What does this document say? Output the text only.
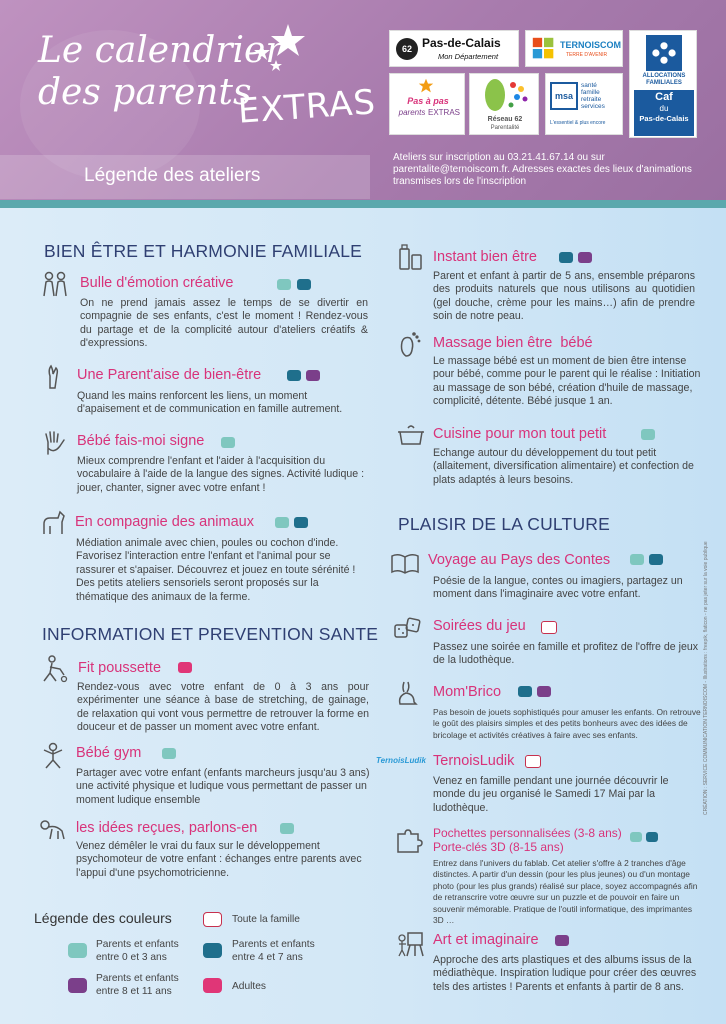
Le calendrier
des parents
EXTRAS
Légende des ateliers
Ateliers sur inscription au 03.21.41.67.14 ou sur parentalite@ternoiscom.fr. Adresses exactes des lieux d'animations transmises lors de l'inscription
62 Pas-de-Calais
Mon Département
TERNOISCOM
TERRE D'AVENIR
ALLOCATIONS FAMILIALES
Caf
du
Pas-de-Calais
Pas à pas
parents EXTRAS
Réseau 62
Parentalité
msa
santé
famille
retraite
services
L'essentiel & plus encore
BIEN ÊTRE ET HARMONIE FAMILIALE
Bulle d'émotion créative
On ne prend jamais assez le temps de se divertir en compagnie de ses enfants, c'est le moment ! Rendez-vous du partage et de la complicité autour d'ateliers créatifs & d'expressions.
Une Parent'aise de bien-être
Quand les mains renforcent les liens, un moment d'apaisement et de communication en famille autrement.
Bébé fais-moi signe
Mieux comprendre l'enfant et l'aider à l'acquisition du vocabulaire à l'aide de la langue des signes. Activité ludique : jouer, chanter, signer avec votre enfant !
En compagnie des animaux
Médiation animale avec chien, poules ou cochon d'inde. Favorisez l'interaction entre l'enfant et l'animal pour se rassurer et s'apaiser. Découvrez et jouez en toute sérénité ! Des petits ateliers sensoriels seront proposés sur la thématique des animaux de la ferme.
INFORMATION ET PREVENTION SANTE
Fit poussette
Rendez-vous avec votre enfant de 0 à 3 ans pour expérimenter une séance à base de stretching, de gainage, de relaxation qui vont vous permettre de retrouver la forme en douceur et de passer un moment avec votre enfant.
Bébé gym
Partager avec votre enfant (enfants marcheurs jusqu'au 3 ans) une activité physique et ludique vous permettant de passer un moment ludique ensemble
les idées reçues, parlons-en
Venez démêler le vrai du faux sur le développement psychomoteur de votre enfant : échanges entre parents avec l'appui d'une psychomotricienne.
Légende des couleurs	Toute la famille
Parents et enfants
entre 0 et 3 ans
Parents et enfants
entre 4 et 7 ans
Parents et enfants
entre 8 et 11 ans	Adultes
Instant bien être
Parent et enfant à partir de 5 ans, ensemble préparons des produits naturels que nous utilisons au quotidien (gel douche, crème pour les mains…) afin de prendre soin de notre peau.
Massage bien être  bébé
Le massage bébé est un moment de bien être intense pour bébé, comme pour le parent qui le réalise : Initiation au massage de son bébé, création d'huile de massage, complicité, détente. Bébé jusque 1 an.
Cuisine pour mon tout petit
Echange autour du développement du tout petit (allaitement, diversification alimentaire) et confection de plats adaptés à leurs besoins.
PLAISIR DE LA CULTURE
Voyage au Pays des Contes
Poésie de la langue, contes ou imagiers, partagez un moment dans l'imaginaire avec votre enfant.
Soirées du jeu
Passez une soirée en famille et profitez de l'offre de jeux de la ludothèque.
Mom'Brico
Pas besoin de jouets sophistiqués pour amuser les enfants. On retrouve le goût des plaisirs simples et des petits bonheurs avec des idées de bricolage et activités créatives à faire avec ses enfants.
TernoisLudik TernoisLudik
Venez en famille pendant une journée découvrir le monde du jeu organisé le Samedi 17 Mai par la ludothèque.
Pochettes personnalisées (3-8 ans)
Porte-clés 3D (8-15 ans)
Entrez dans l'univers du fablab. Cet atelier s'offre à 2 tranches d'âge distinctes. A partir d'un dessin (pour les plus jeunes) ou d'un montage photo (pour les plus grands) réalisé sur place, soyez accompagnés afin de retranscrire votre œuvre sur un puzzle et de pouvoir en faire un souvenir mémorable. Pratique de l'outil informatique, des imprimantes 3D …
Art et imaginaire
Approche des arts plastiques et des albums issus de la médiathèque. Inspiration ludique pour créer des œuvres tels des artistes ! Parents et enfants à partir de 8 ans.
CRÉATION : SERVICE COMMUNICATION TERNOISCOM - Illustrations : freepik, flaticon - ne pas jeter sur la voie publique
